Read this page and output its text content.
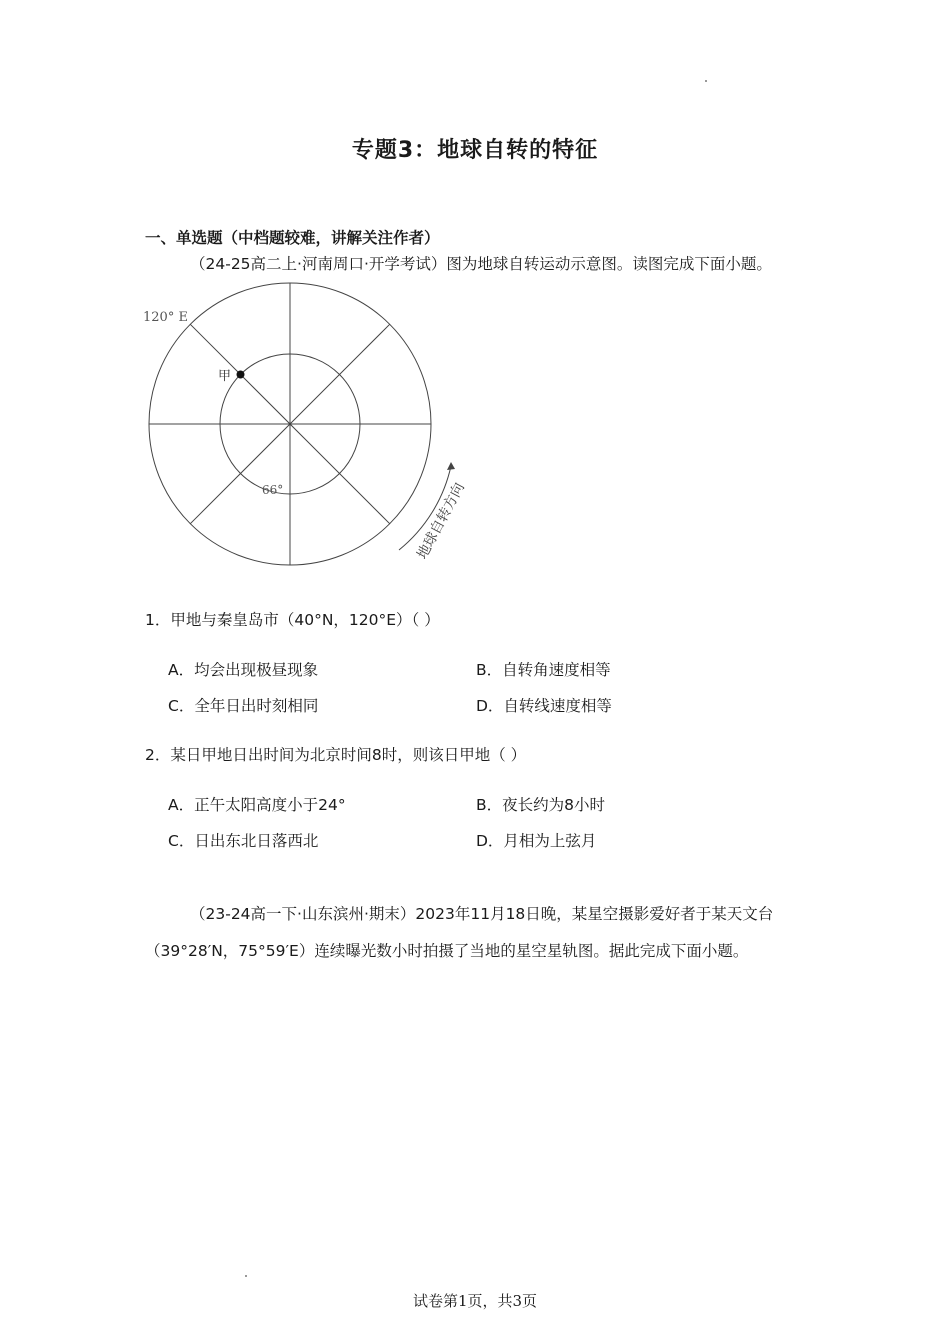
专题3：地球自转的特征
一、单选题（中档题较难，讲解关注作者）
（24-25高二上·河南周口·开学考试）图为地球自转运动示意图。读图完成下面小题。
120° E
甲
66°	地球自转方向
1．甲地与秦皇岛市（40°N，120°E）（ ）
A．均会出现极昼现象	B．自转角速度相等
C．全年日出时刻相同	D．自转线速度相等
2．某日甲地日出时间为北京时间8时，则该日甲地（ ）
A．正午太阳高度小于24°	B．夜长约为8小时
C．日出东北日落西北	D．月相为上弦月
（23-24高一下·山东滨州·期末）2023年11月18日晚，某星空摄影爱好者于某天文台（39°28′N，75°59′E）连续曝光数小时拍摄了当地的星空星轨图。据此完成下面小题。
试卷第1页，共3页
